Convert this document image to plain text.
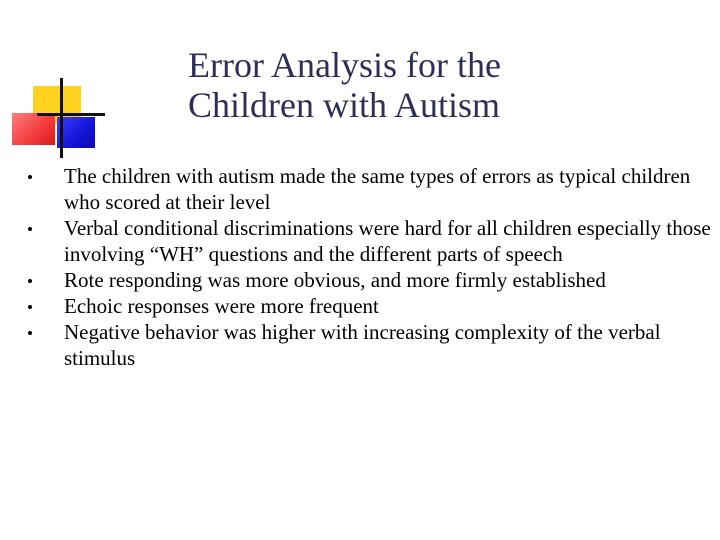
Error Analysis for the
Children with Autism
The children with autism made the same types of errors as typical children who scored at their level
Verbal conditional discriminations were hard for all children especially those involving “WH” questions and the different parts of speech
Rote responding was more obvious, and more firmly established
Echoic responses were more frequent
Negative behavior was higher with increasing complexity of the verbal stimulus
